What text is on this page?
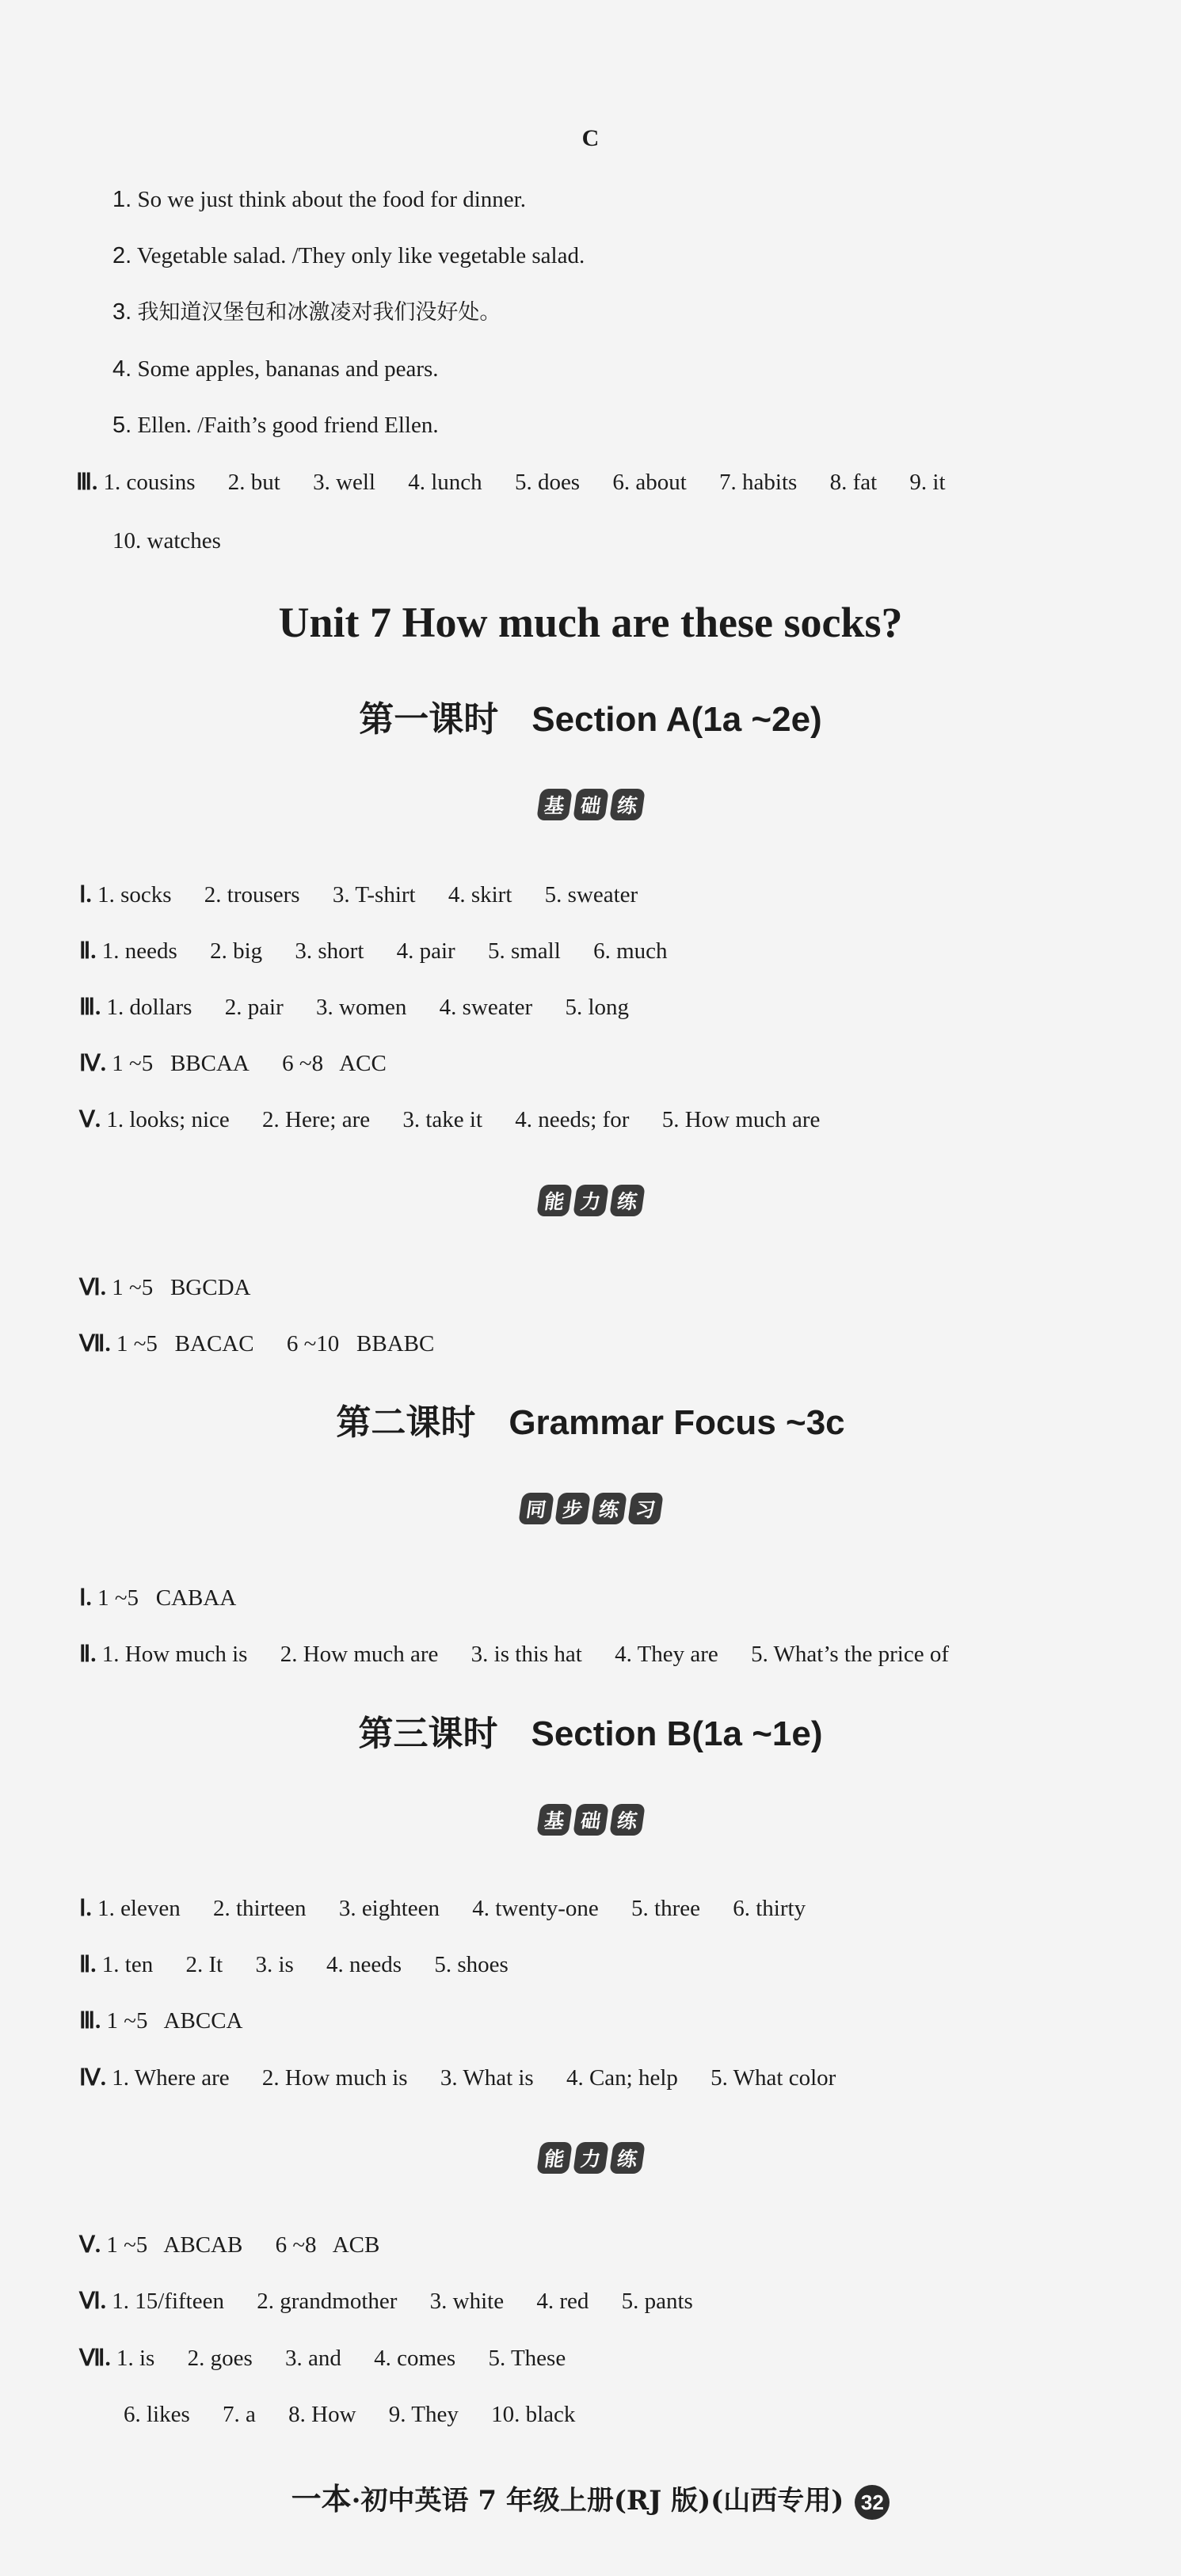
C
1. So we just think about the food for dinner.
2. Vegetable salad. /They only like vegetable salad.
3. 我知道汉堡包和冰激凌对我们没好处。
4. Some apples, bananas and pears.
5. Ellen. /Faith’s good friend Ellen.
Ⅲ. 1. cousins 2. but 3. well 4. lunch 5. does 6. about 7. habits 8. fat 9. it
10. watches
Unit 7 How much are these socks?
第一课时 Section A(1a ~2e)
基 础 练
Ⅰ. 1. socks 2. trousers 3. T-shirt 4. skirt 5. sweater
Ⅱ. 1. needs 2. big 3. short 4. pair 5. small 6. much
Ⅲ. 1. dollars 2. pair 3. women 4. sweater 5. long
Ⅳ. 1 ~5   BBCAA 6 ~8   ACC
Ⅴ. 1. looks; nice 2. Here; are 3. take it 4. needs; for 5. How much are
能 力 练
Ⅵ. 1 ~5   BGCDA
Ⅶ. 1 ~5   BACAC 6 ~10   BBABC
第二课时 Grammar Focus ~3c
同 步 练 习
Ⅰ. 1 ~5   CABAA
Ⅱ. 1. How much is 2. How much are 3. is this hat 4. They are 5. What’s the price of
第三课时 Section B(1a ~1e)
基 础 练
Ⅰ. 1. eleven 2. thirteen 3. eighteen 4. twenty-one 5. three 6. thirty
Ⅱ. 1. ten 2. It 3. is 4. needs 5. shoes
Ⅲ. 1 ~5   ABCCA
Ⅳ. 1. Where are 2. How much is 3. What is 4. Can; help 5. What color
能 力 练
Ⅴ. 1 ~5   ABCAB 6 ~8   ACB
Ⅵ. 1. 15/fifteen 2. grandmother 3. white 4. red 5. pants
Ⅶ. 1. is 2. goes 3. and 4. comes 5. These
6. likes 7. a 8. How 9. They 10. black
一本·初中英语 7 年级上册(RJ 版)(山西专用) 32
